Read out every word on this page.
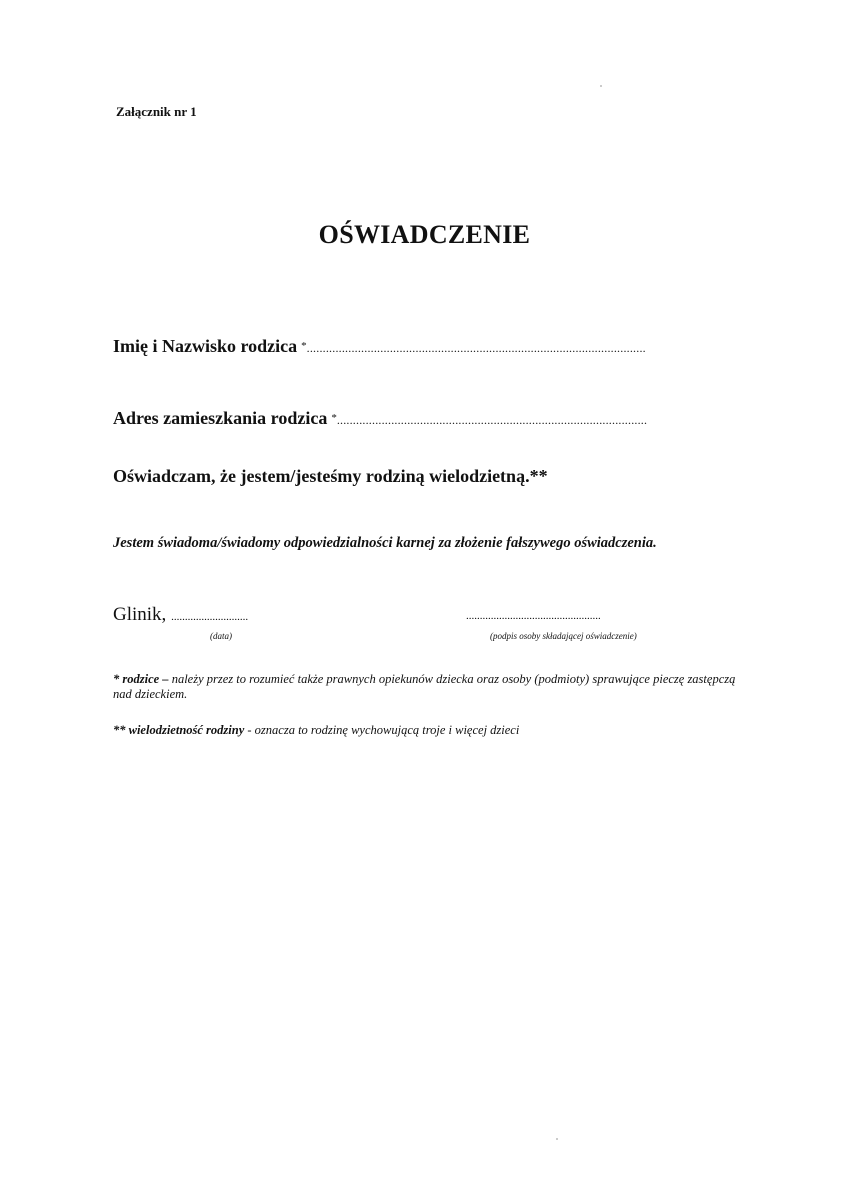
Załącznik nr 1
OŚWIADCZENIE
Imię i Nazwisko rodzica *..........................................................................................................
Adres zamieszkania rodzica *.................................................................................................
Oświadczam, że jestem/jesteśmy rodziną wielodzietną.**
Jestem świadoma/świadomy odpowiedzialności karnej za złożenie fałszywego oświadczenia.
Glinik, ............................	.................................................
(data)	(podpis osoby składającej oświadczenie)
* rodzice – należy przez to rozumieć także prawnych opiekunów dziecka oraz osoby (podmioty) sprawujące pieczę zastępczą nad dzieckiem.
** wielodzietność rodziny - oznacza to rodzinę wychowującą troje i więcej dzieci
